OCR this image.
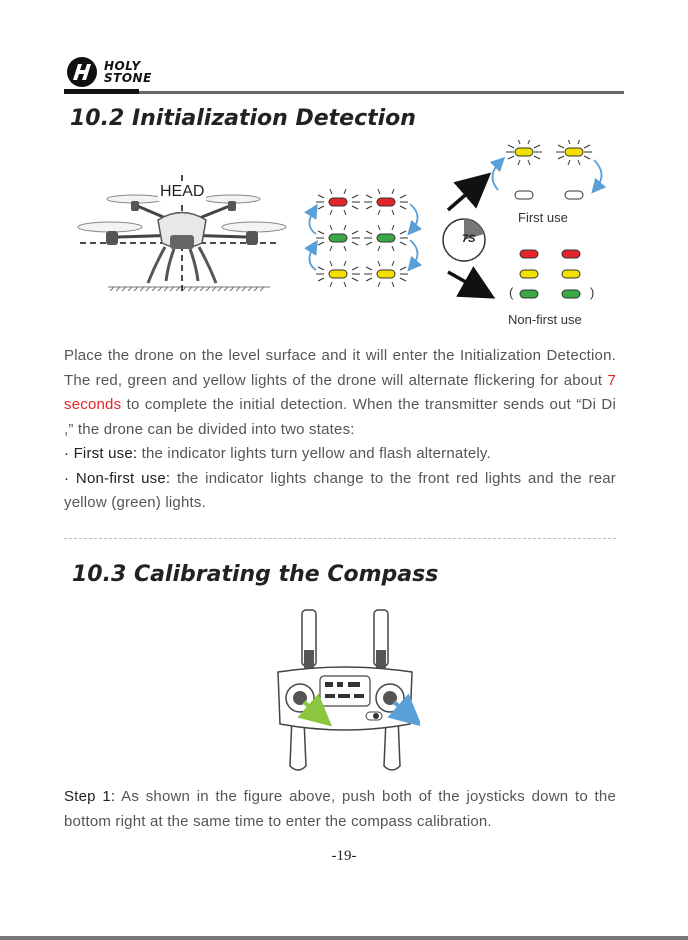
HOLY
STONE
10.2 Initialization Detection
HEAD
7S
First use
(	)
Non-first use
Place the drone on the level surface and it will enter the Initialization Detection. The red, green and yellow lights of the drone will alternate flickering for about 7 seconds to complete the initial detection. When the transmitter sends out “Di Di ,” the drone can be divided into two states:
· First use: the indicator lights turn yellow and flash alternately.
· Non-first use: the indicator lights change to the front red lights and the rear yellow (green) lights.
10.3 Calibrating the Compass
Step 1: As shown in the figure above, push both of the joysticks down to the bottom right at the same time to enter the compass calibration.
-19-
